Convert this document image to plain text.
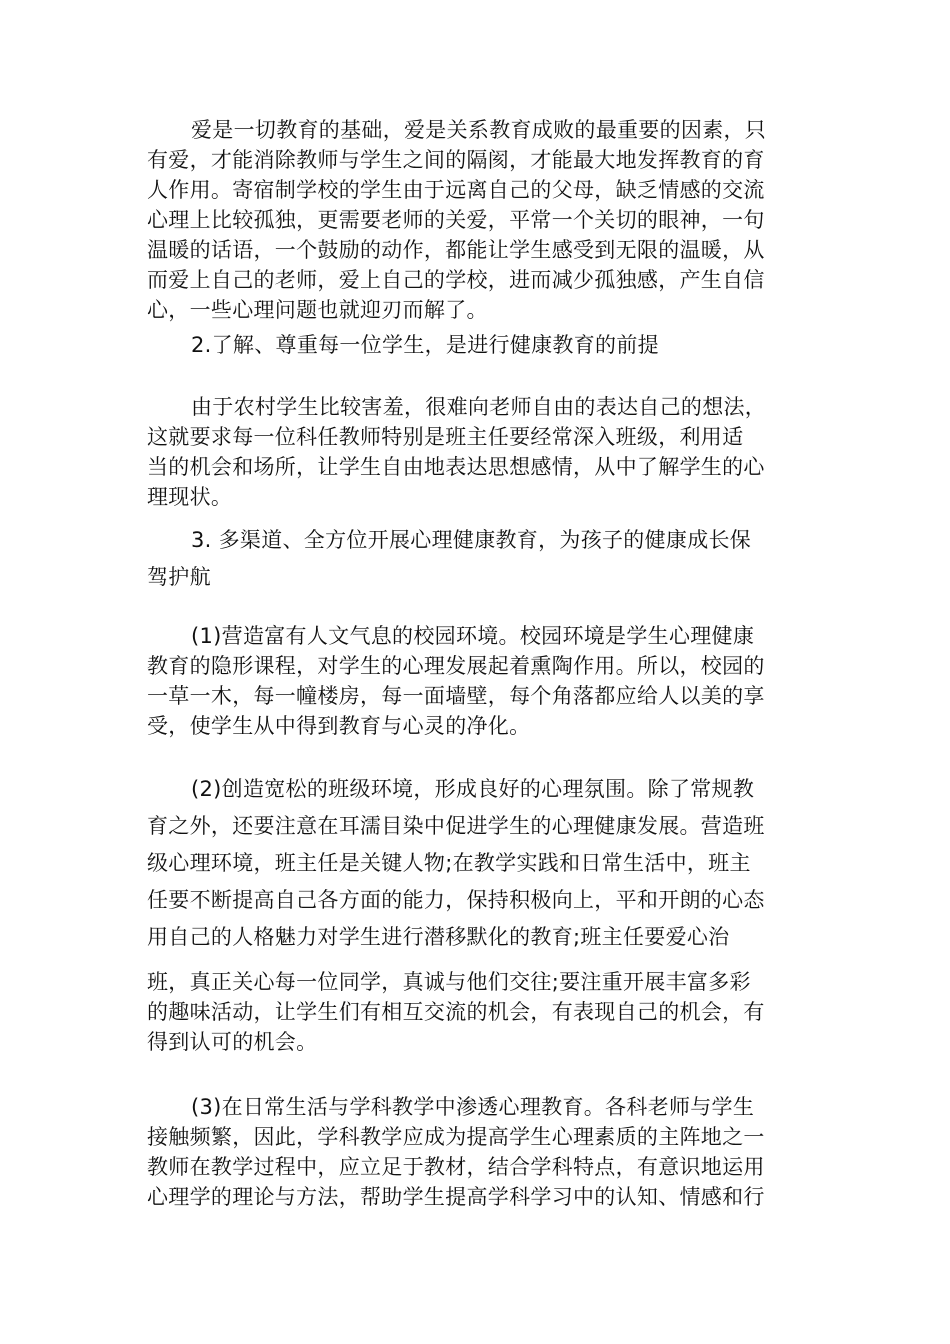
爱是一切教育的基础，爱是关系教育成败的最重要的因素，只
有爱，才能消除教师与学生之间的隔阂，才能最大地发挥教育的育
人作用。寄宿制学校的学生由于远离自己的父母，缺乏情感的交流
心理上比较孤独，更需要老师的关爱，平常一个关切的眼神，一句
温暖的话语，一个鼓励的动作，都能让学生感受到无限的温暖，从
而爱上自己的老师，爱上自己的学校，进而减少孤独感，产生自信
心，一些心理问题也就迎刃而解了。
2.了解、尊重每一位学生，是进行健康教育的前提
由于农村学生比较害羞，很难向老师自由的表达自己的想法，
这就要求每一位科任教师特别是班主任要经常深入班级，利用适
当的机会和场所，让学生自由地表达思想感情，从中了解学生的心
理现状。
3. 多渠道、全方位开展心理健康教育，为孩子的健康成长保
驾护航
(1)营造富有人文气息的校园环境。校园环境是学生心理健康
教育的隐形课程，对学生的心理发展起着熏陶作用。所以，校园的
一草一木，每一幢楼房，每一面墙壁，每个角落都应给人以美的享
受，使学生从中得到教育与心灵的净化。
(2)创造宽松的班级环境，形成良好的心理氛围。除了常规教
育之外，还要注意在耳濡目染中促进学生的心理健康发展。营造班
级心理环境，班主任是关键人物;在教学实践和日常生活中，班主
任要不断提高自己各方面的能力，保持积极向上，平和开朗的心态
用自己的人格魅力对学生进行潜移默化的教育;班主任要爱心治
班，真正关心每一位同学，真诚与他们交往;要注重开展丰富多彩
的趣味活动，让学生们有相互交流的机会，有表现自己的机会，有
得到认可的机会。
(3)在日常生活与学科教学中渗透心理教育。各科老师与学生
接触频繁，因此，学科教学应成为提高学生心理素质的主阵地之一
教师在教学过程中，应立足于教材，结合学科特点，有意识地运用
心理学的理论与方法，帮助学生提高学科学习中的认知、情感和行
